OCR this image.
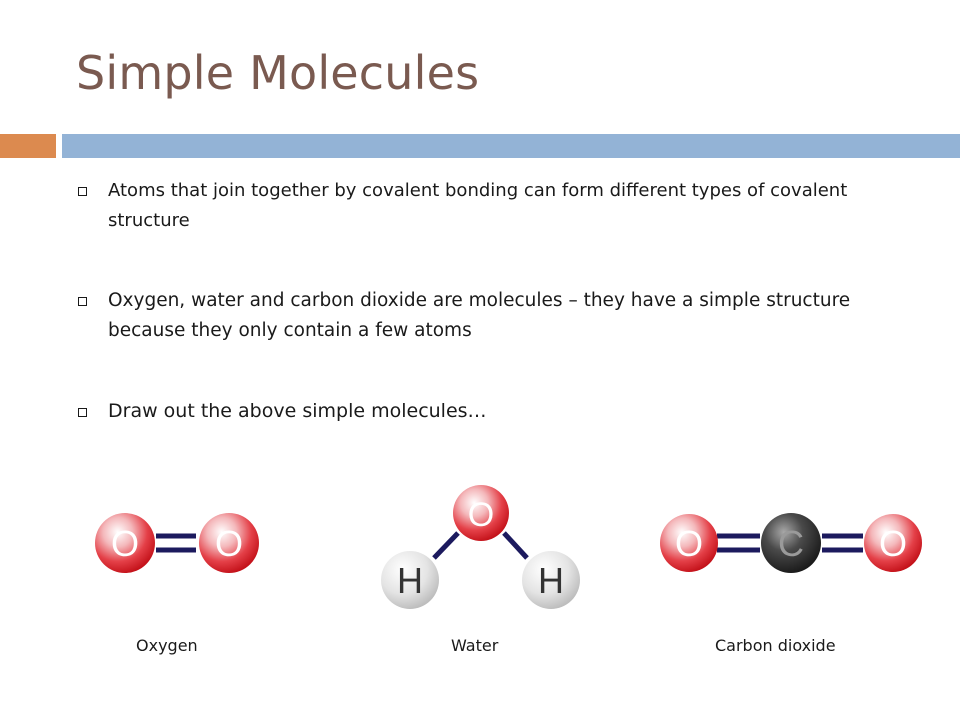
Simple Molecules
Atoms that join together by covalent bonding can form different types of covalent structure
Oxygen, water and carbon dioxide are molecules – they have a simple structure because they only contain a few atoms
Draw out the above simple molecules…
O O
O
H	H
O C O
Oxygen	Water	Carbon dioxide
